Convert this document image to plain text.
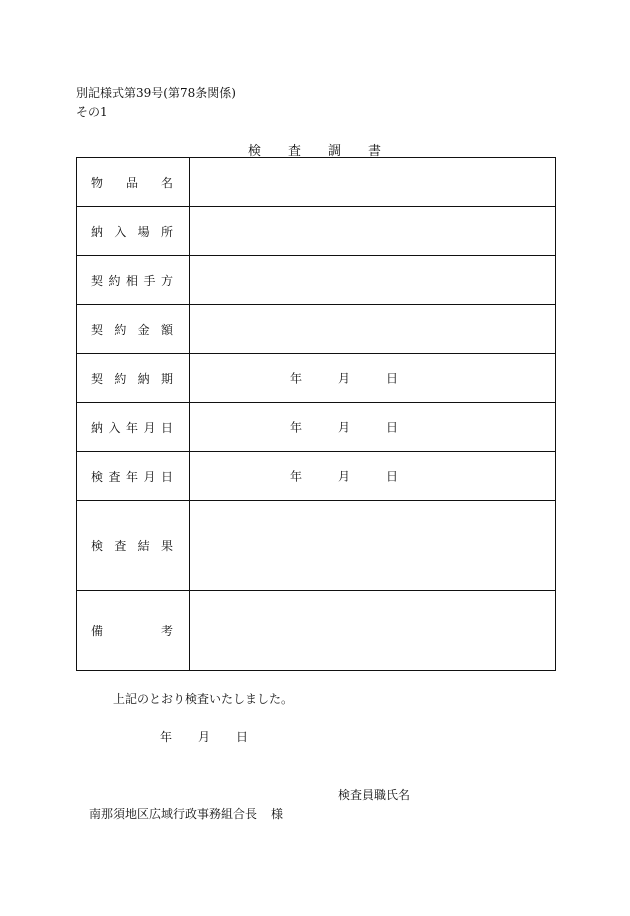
別記様式第39号(第78条関係)
その1
検 査 調 書
物 品 名	

納 入 場 所	

契 約 相 手 方	

契 約 金 額	

契 約 納 期	年 月 日

納 入 年 月 日	年 月 日

検 査 年 月 日	年 月 日

検 査 結 果	

備 考	

上記のとおり検査いたしました。
年	月	日
検査員職氏名
南那須地区広域行政事務組合長 様
